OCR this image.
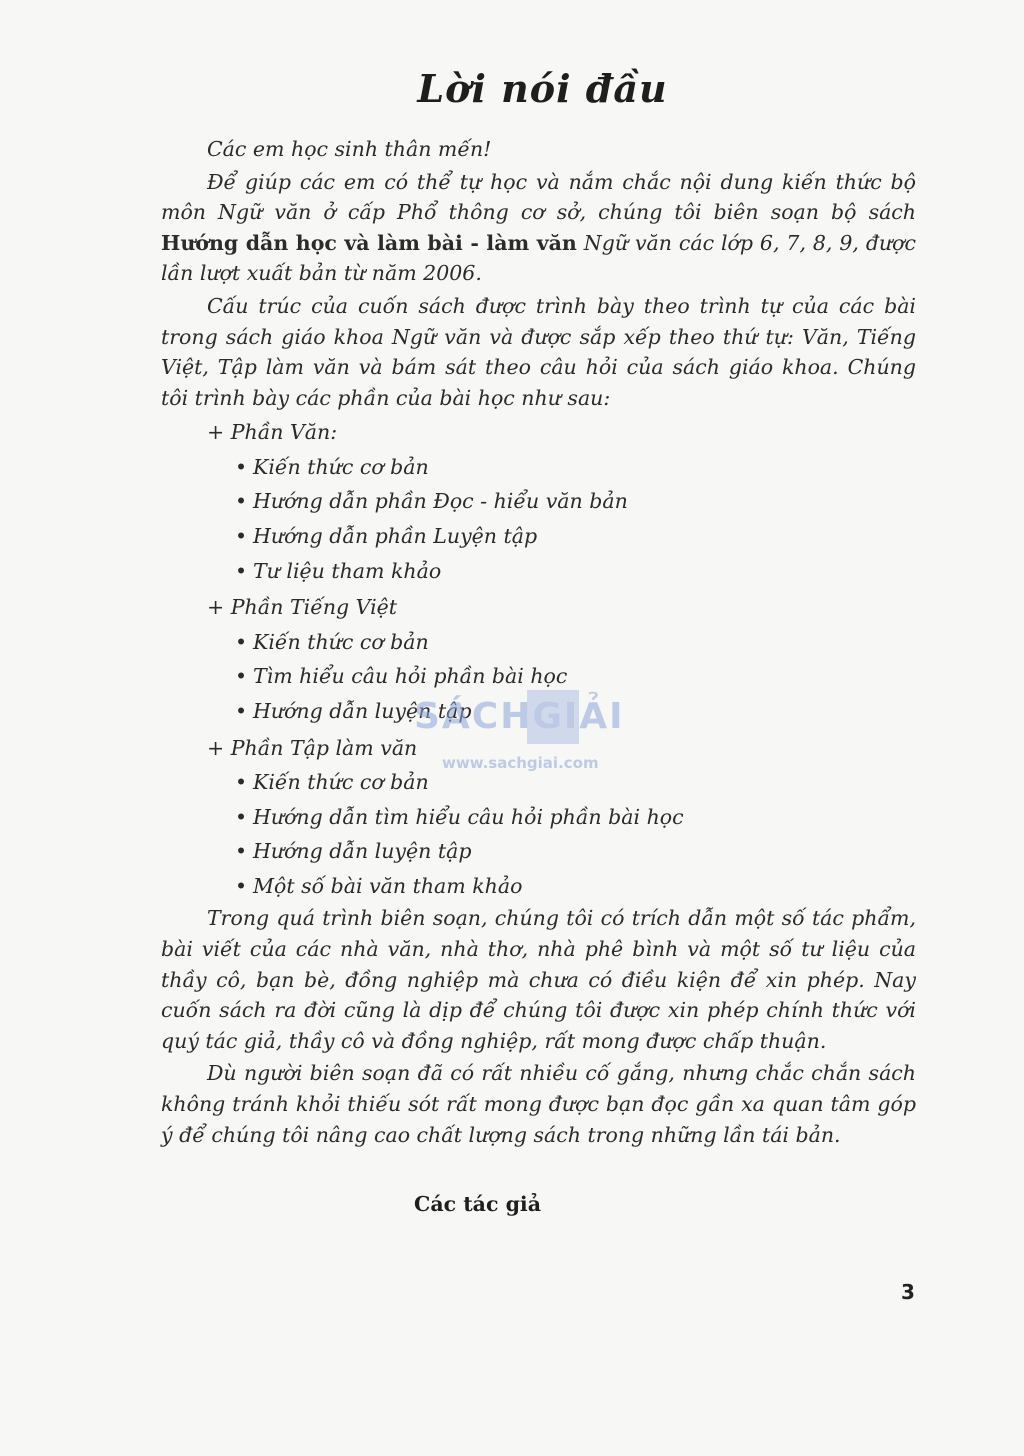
Lời nói đầu

Các em học sinh thân mến!

Để giúp các em có thể tự học và nắm chắc nội dung kiến thức bộ môn Ngữ văn ở cấp Phổ thông cơ sở, chúng tôi biên soạn bộ sách Hướng dẫn học và làm bài - làm văn Ngữ văn các lớp 6, 7, 8, 9, được lần lượt xuất bản từ năm 2006.

Cấu trúc của cuốn sách được trình bày theo trình tự của các bài trong sách giáo khoa Ngữ văn và được sắp xếp theo thứ tự: Văn, Tiếng Việt, Tập làm văn và bám sát theo câu hỏi của sách giáo khoa. Chúng tôi trình bày các phần của bài học như sau:

+ Phần Văn:
• Kiến thức cơ bản
• Hướng dẫn phần Đọc - hiểu văn bản
• Hướng dẫn phần Luyện tập
• Tư liệu tham khảo
+ Phần Tiếng Việt
• Kiến thức cơ bản
• Tìm hiểu câu hỏi phần bài học
• Hướng dẫn luyện tập
+ Phần Tập làm văn
• Kiến thức cơ bản
• Hướng dẫn tìm hiểu câu hỏi phần bài học
• Hướng dẫn luyện tập
• Một số bài văn tham khảo

Trong quá trình biên soạn, chúng tôi có trích dẫn một số tác phẩm, bài viết của các nhà văn, nhà thơ, nhà phê bình và một số tư liệu của thầy cô, bạn bè, đồng nghiệp mà chưa có điều kiện để xin phép. Nay cuốn sách ra đời cũng là dịp để chúng tôi được xin phép chính thức với quý tác giả, thầy cô và đồng nghiệp, rất mong được chấp thuận.

Dù người biên soạn đã có rất nhiều cố gắng, nhưng chắc chắn sách không tránh khỏi thiếu sót rất mong được bạn đọc gần xa quan tâm góp ý để chúng tôi nâng cao chất lượng sách trong những lần tái bản.

Các tác giả
3
SÁCHGIẢI
www.sachgiai.com
